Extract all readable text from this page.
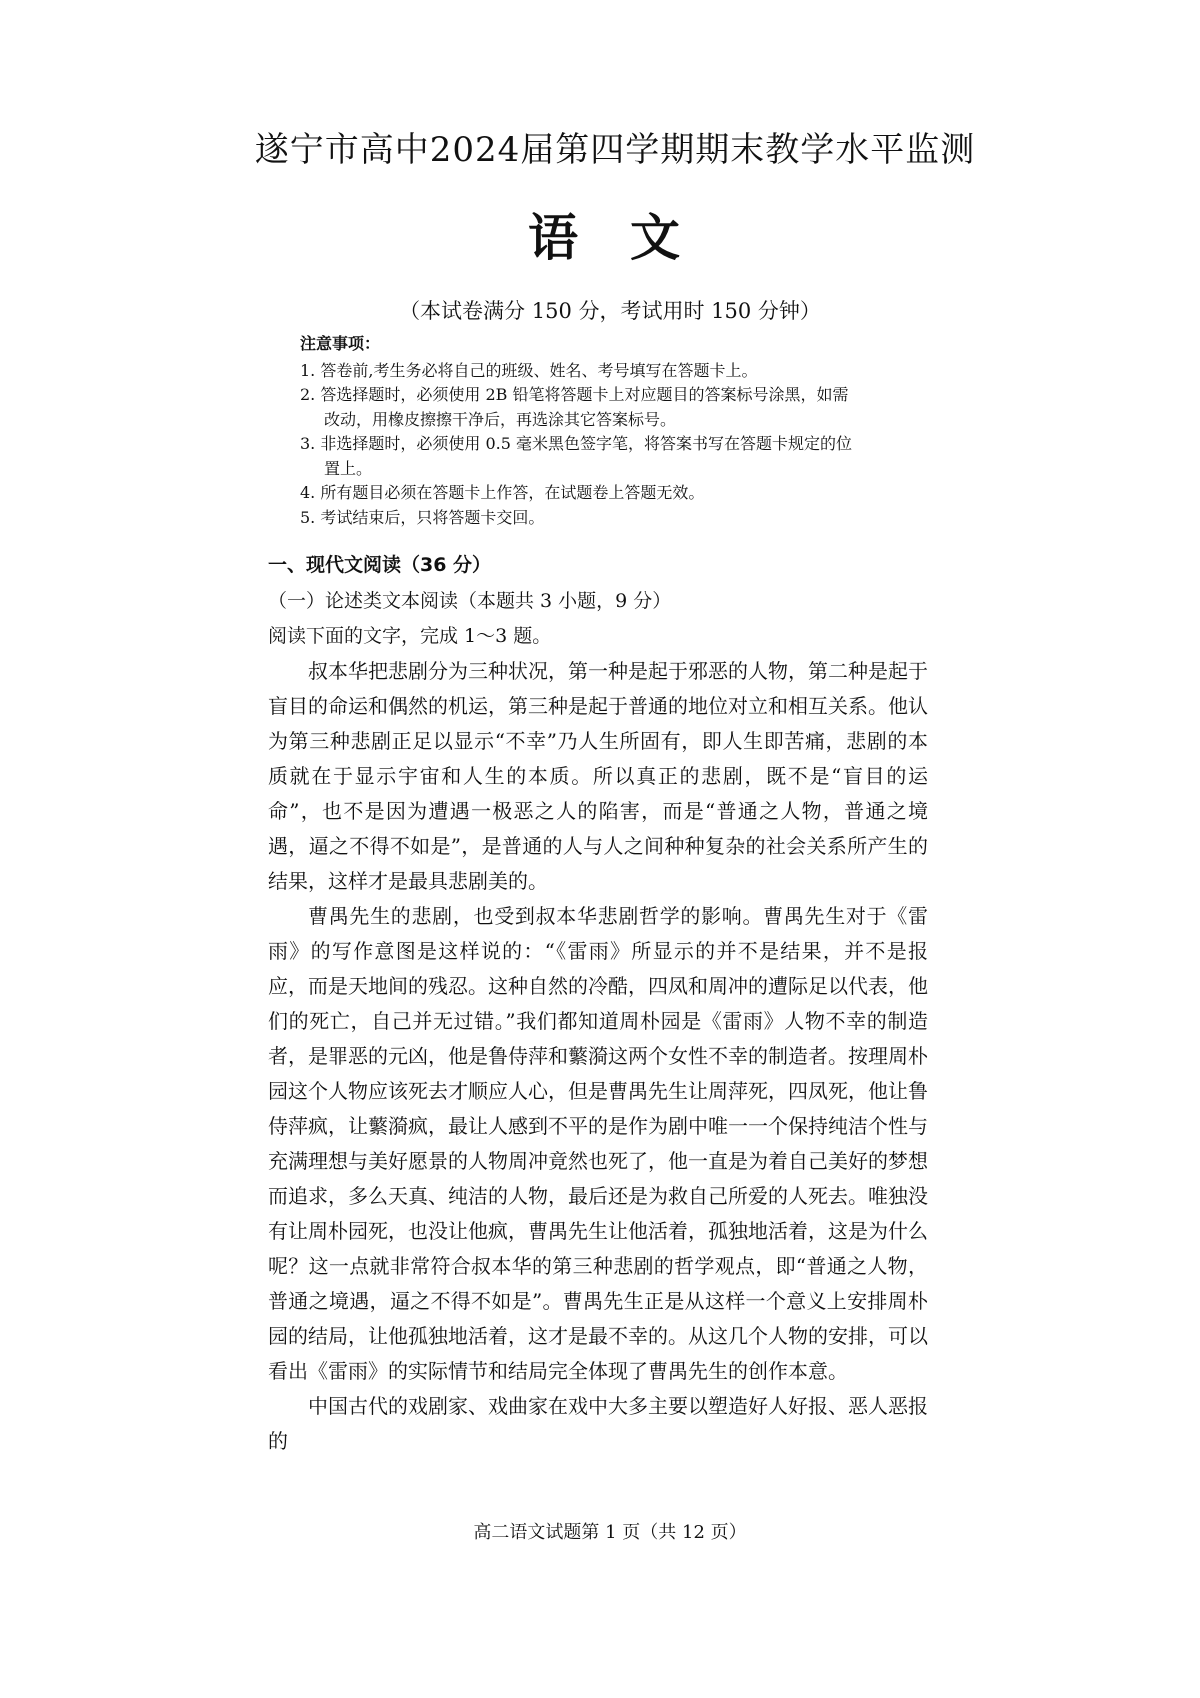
遂宁市高中2024届第四学期期末教学水平监测
语文
（本试卷满分 150 分，考试用时 150 分钟）
注意事项：
1. 答卷前,考生务必将自己的班级、姓名、考号填写在答题卡上。
2. 答选择题时，必须使用 2B 铅笔将答题卡上对应题目的答案标号涂黑，如需改动，用橡皮擦擦干净后，再选涂其它答案标号。
3. 非选择题时，必须使用 0.5 毫米黑色签字笔，将答案书写在答题卡规定的位置上。
4. 所有题目必须在答题卡上作答，在试题卷上答题无效。
5. 考试结束后，只将答题卡交回。
一、现代文阅读（36 分）
（一）论述类文本阅读（本题共 3 小题，9 分）
阅读下面的文字，完成 1～3 题。

叔本华把悲剧分为三种状况，第一种是起于邪恶的人物，第二种是起于盲目的命运和偶然的机运，第三种是起于普通的地位对立和相互关系。他认为第三种悲剧正足以显示“不幸”乃人生所固有，即人生即苦痛，悲剧的本质就在于显示宇宙和人生的本质。所以真正的悲剧，既不是“盲目的运命”，也不是因为遭遇一极恶之人的陷害，而是“普通之人物，普通之境遇，逼之不得不如是”，是普通的人与人之间种种复杂的社会关系所产生的结果，这样才是最具悲剧美的。

曹禺先生的悲剧，也受到叔本华悲剧哲学的影响。曹禺先生对于《雷雨》的写作意图是这样说的：“《雷雨》所显示的并不是结果，并不是报应，而是天地间的残忍。这种自然的冷酷，四凤和周冲的遭际足以代表，他们的死亡，自己并无过错。”我们都知道周朴园是《雷雨》人物不幸的制造者，是罪恶的元凶，他是鲁侍萍和蘩漪这两个女性不幸的制造者。按理周朴园这个人物应该死去才顺应人心，但是曹禺先生让周萍死，四凤死，他让鲁侍萍疯，让蘩漪疯，最让人感到不平的是作为剧中唯一一个保持纯洁个性与充满理想与美好愿景的人物周冲竟然也死了，他一直是为着自己美好的梦想而追求，多么天真、纯洁的人物，最后还是为救自己所爱的人死去。唯独没有让周朴园死，也没让他疯，曹禺先生让他活着，孤独地活着，这是为什么呢？这一点就非常符合叔本华的第三种悲剧的哲学观点，即“普通之人物，普通之境遇，逼之不得不如是”。曹禺先生正是从这样一个意义上安排周朴园的结局，让他孤独地活着，这才是最不幸的。从这几个人物的安排，可以看出《雷雨》的实际情节和结局完全体现了曹禺先生的创作本意。

中国古代的戏剧家、戏曲家在戏中大多主要以塑造好人好报、恶人恶报的

高二语文试题第 1 页（共 12 页）
